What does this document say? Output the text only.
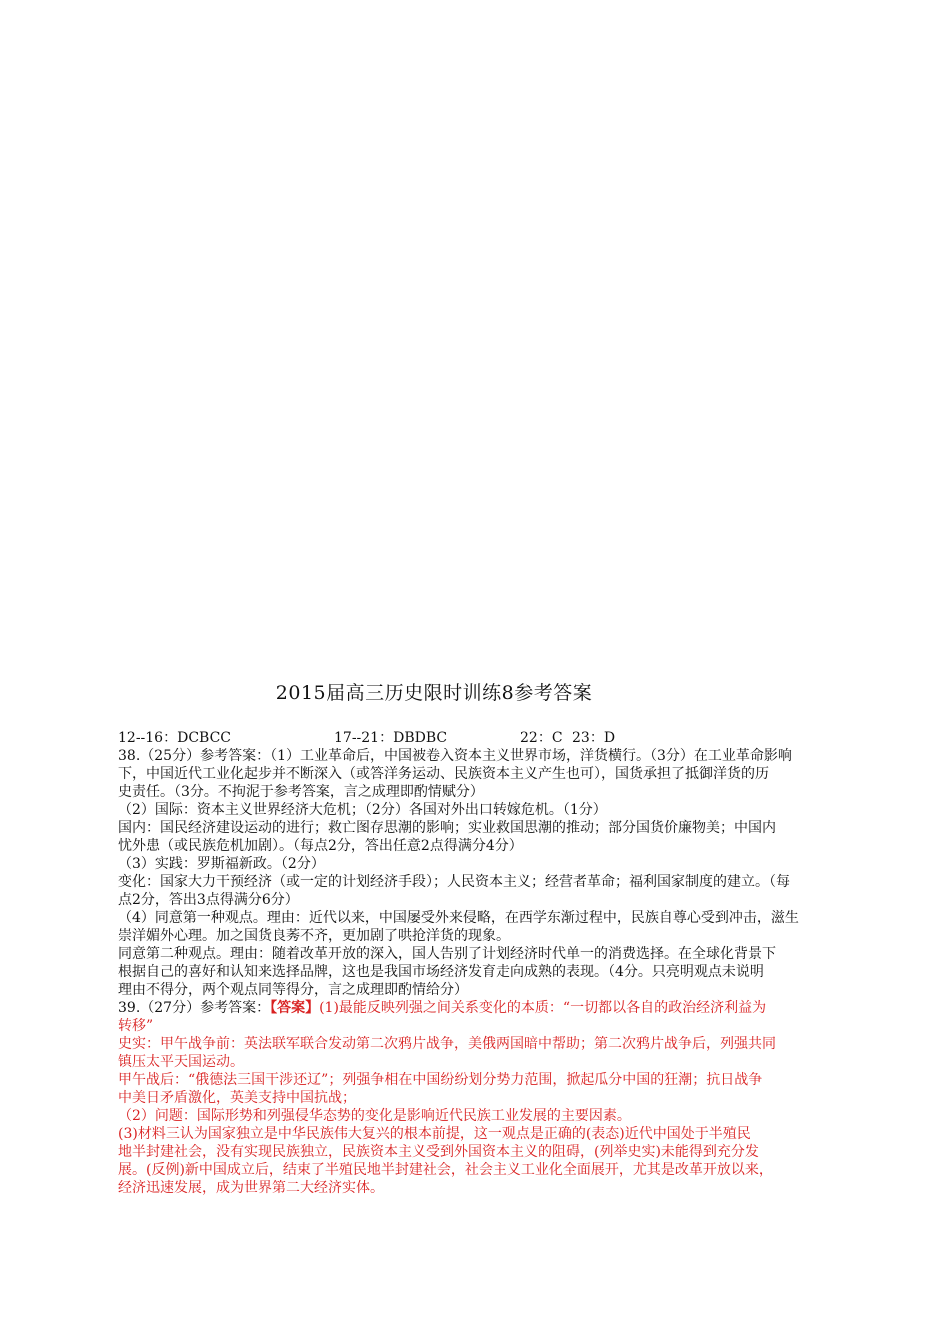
2015届高三历史限时训练8参考答案
12--16：DCBCC	17--21：DBDBC	22：C 23：D
38.（25分）参考答案：（1）工业革命后，中国被卷入资本主义世界市场，洋货横行。（3分）在工业革命影响
下，中国近代工业化起步并不断深入（或答洋务运动、民族资本主义产生也可），国货承担了抵御洋货的历
史责任。（3分。不拘泥于参考答案，言之成理即酌情赋分）
（2）国际：资本主义世界经济大危机；（2分）各国对外出口转嫁危机。（1分）
国内：国民经济建设运动的进行；救亡图存思潮的影响；实业救国思潮的推动；部分国货价廉物美；中国内
忧外患（或民族危机加剧）。（每点2分，答出任意2点得满分4分）
（3）实践：罗斯福新政。（2分）
变化：国家大力干预经济（或一定的计划经济手段）；人民资本主义；经营者革命；福利国家制度的建立。（每
点2分，答出3点得满分6分）
（4）同意第一种观点。理由：近代以来，中国屡受外来侵略，在西学东渐过程中，民族自尊心受到冲击，滋生
崇洋媚外心理。加之国货良莠不齐，更加剧了哄抢洋货的现象。
同意第二种观点。理由：随着改革开放的深入，国人告别了计划经济时代单一的消费选择。在全球化背景下
根据自己的喜好和认知来选择品牌，这也是我国市场经济发育走向成熟的表现。（4分。只亮明观点未说明
理由不得分，两个观点同等得分，言之成理即酌情给分）
39.（27分）参考答案：【答案】(1)最能反映列强之间关系变化的本质：“一切都以各自的政治经济利益为
转移”
史实：甲午战争前：英法联军联合发动第二次鸦片战争，美俄两国暗中帮助；第二次鸦片战争后，列强共同
镇压太平天国运动。
甲午战后：“俄德法三国干涉还辽”；列强争相在中国纷纷划分势力范围，掀起瓜分中国的狂潮；抗日战争
中美日矛盾激化，英美支持中国抗战；
（2）问题：国际形势和列强侵华态势的变化是影响近代民族工业发展的主要因素。
(3)材料三认为国家独立是中华民族伟大复兴的根本前提，这一观点是正确的(表态)近代中国处于半殖民
地半封建社会，没有实现民族独立，民族资本主义受到外国资本主义的阻碍，(列举史实)未能得到充分发
展。(反例)新中国成立后，结束了半殖民地半封建社会，社会主义工业化全面展开，尤其是改革开放以来，
经济迅速发展，成为世界第二大经济实体。
